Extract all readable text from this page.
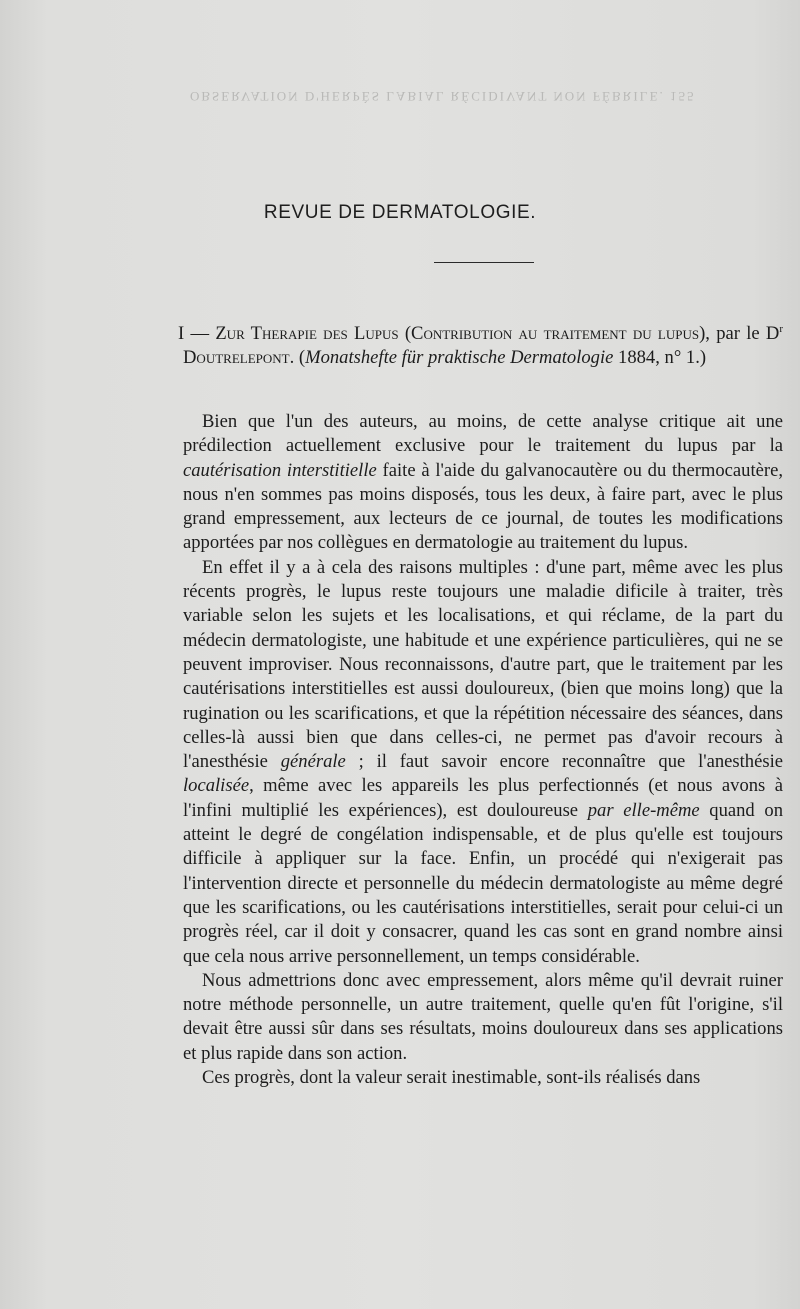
OBSERVATION D'HERPÈS LABIAL RÉCIDIVANT NON FÉBRILE. 155
REVUE DE DERMATOLOGIE.

I — Zur Therapie des Lupus (Contribution au traitement du lupus), par le $D^r$ Doutrelepont. (Monatshefte für praktische Dermatologie 1884, n° 1.)

Bien que l'un des auteurs, au moins, de cette analyse critique ait une prédilection actuellement exclusive pour le traitement du lupus par la cautérisation interstitielle faite à l'aide du galvanocautère ou du thermocautère, nous n'en sommes pas moins disposés, tous les deux, à faire part, avec le plus grand empressement, aux lecteurs de ce journal, de toutes les modifications apportées par nos collègues en dermatologie au traitement du lupus.

En effet il y a à cela des raisons multiples : d'une part, même avec les plus récents progrès, le lupus reste toujours une maladie dificile à traiter, très variable selon les sujets et les localisations, et qui réclame, de la part du médecin dermatologiste, une habitude et une expérience particulières, qui ne se peuvent improviser. Nous reconnaissons, d'autre part, que le traitement par les cautérisations interstitielles est aussi douloureux, (bien que moins long) que la rugination ou les scarifications, et que la répétition nécessaire des séances, dans celles-là aussi bien que dans celles-ci, ne permet pas d'avoir recours à l'anesthésie générale ; il faut savoir encore reconnaître que l'anesthésie localisée, même avec les appareils les plus perfectionnés (et nous avons à l'infini multiplié les expériences), est douloureuse par elle-même quand on atteint le degré de congélation indispensable, et de plus qu'elle est toujours difficile à appliquer sur la face. Enfin, un procédé qui n'exigerait pas l'intervention directe et personnelle du médecin dermatologiste au même degré que les scarifications, ou les cautérisations interstitielles, serait pour celui-ci un progrès réel, car il doit y consacrer, quand les cas sont en grand nombre ainsi que cela nous arrive personnellement, un temps considérable.

Nous admettrions donc avec empressement, alors même qu'il devrait ruiner notre méthode personnelle, un autre traitement, quelle qu'en fût l'origine, s'il devait être aussi sûr dans ses résultats, moins douloureux dans ses applications et plus rapide dans son action.

Ces progrès, dont la valeur serait inestimable, sont-ils réalisés dans
